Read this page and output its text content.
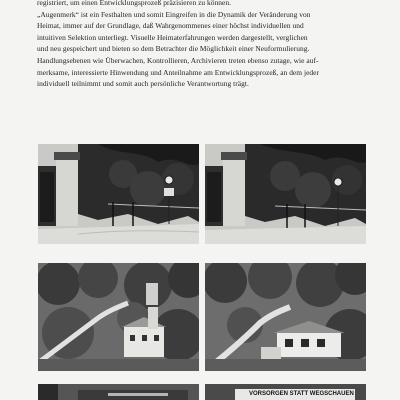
registriert, um einen Entwicklungsprozeß präzisieren zu können.

„Augenmerk“ ist ein Festhalten und somit Eingreifen in die Dynamik der Veränderung von
Heimat, immer auf der Grundlage, daß Wahrgenommenes einer höchst individuellen und
intuitiven Selektion unterliegt. Visuelle Heimaterfahrungen werden dargestellt, verglichen
und neu gespeichert und bieten so dem Betrachter die Möglichkeit einer Neuformulierung.
Handlungsebenen wie Überwachen, Kontrollieren, Archivieren treten ebenso zutage, wie auf-
merksame, interessierte Hinwendung und Anteilnahme am Entwicklungsprozeß, an dem jeder
individuell teilnimmt und somit auch persönliche Verantwortung trägt.

VORSORGEN STATT WEGSCHAUEN
